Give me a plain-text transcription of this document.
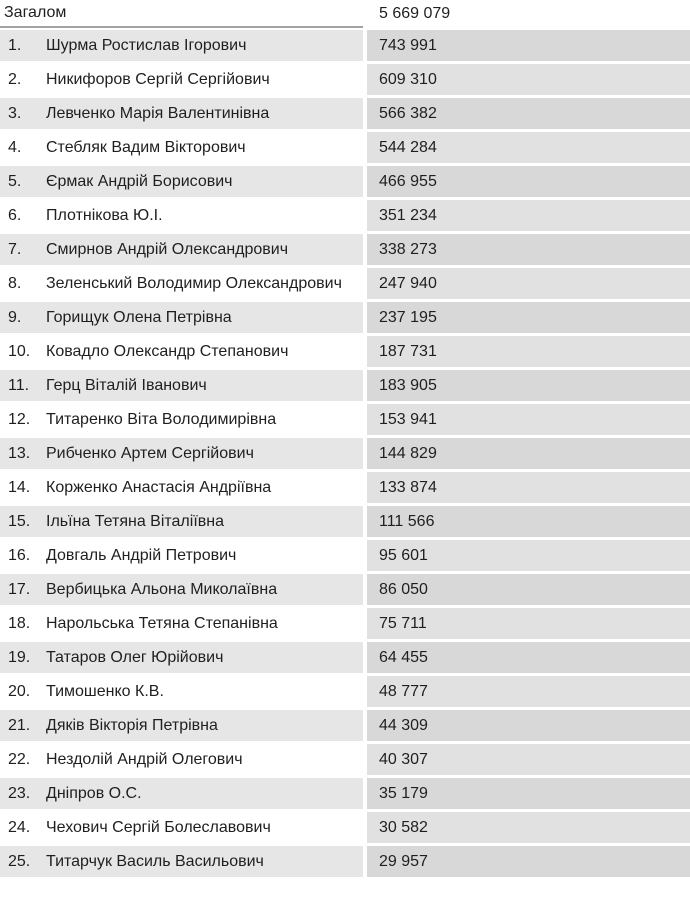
Загалом	5 669 079
1. Шурма Ростислав Ігорович	743 991
2. Никифоров Сергій Сергійович	609 310
3. Левченко Марія Валентинівна	566 382
4. Стебляк Вадим Вікторович	544 284
5. Єрмак Андрій Борисович	466 955
6. Плотнікова Ю.І.	351 234
7. Смирнов Андрій Олександрович	338 273
8. Зеленський Володимир Олександрович	247 940
9. Горищук Олена Петрівна	237 195
10. Ковадло Олександр Степанович	187 731
11. Герц Віталій Іванович	183 905
12. Титаренко Віта Володимирівна	153 941
13. Рибченко Артем Сергійович	144 829
14. Корженко Анастасія Андріївна	133 874
15. Ільїна Тетяна Віталіївна	111 566
16. Довгаль Андрій Петрович	95 601
17. Вербицька Альона Миколаївна	86 050
18. Нарольська Тетяна Степанівна	75 711
19. Татаров Олег Юрійович	64 455
20. Тимошенко К.В.	48 777
21. Дяків Вікторія Петрівна	44 309
22. Нездолій Андрій Олегович	40 307
23. Дніпров О.С.	35 179
24. Чехович Сергій Болеславович	30 582
25. Титарчук Василь Васильович	29 957
